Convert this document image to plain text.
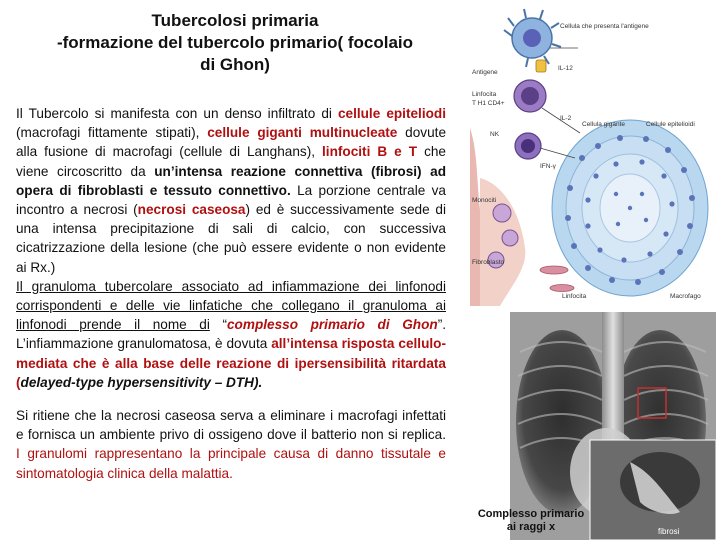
Tubercolosi primaria
-formazione del tubercolo primario( focolaio
di Ghon)

Il Tubercolo si manifesta con un denso infiltrato di cellule epiteliodi (macrofagi fittamente stipati), cellule giganti multinucleate dovute alla fusione di macrofagi (cellule di Langhans), linfociti B e T che viene circoscritto da un’intensa reazione connettiva (fibrosi) ad opera di fibroblasti e tessuto connettivo. La porzione centrale va incontro a necrosi (necrosi caseosa) ed è successivamente sede di una intensa precipitazione di sali di calcio, con successiva cicatrizzazione della lesione (che può essere evidente o non evidente ai Rx.)
Il granuloma tubercolare associato ad infiammazione dei linfonodi corrispondenti e delle vie linfatiche che collegano il granuloma ai linfonodi prende il nome di “complesso primario di Ghon”. L’infiammazione granulomatosa, è dovuta all’intensa risposta cellulo-mediata che è alla base delle reazione di ipersensibilità ritardata (delayed-type hypersensitivity – DTH).

Si ritiene che la necrosi caseosa serva a eliminare i macrofagi infettati e fornisca un ambiente privo di ossigeno dove il batterio non si replica. I granulomi rappresentano la principale causa di danno tissutale e sintomatologia clinica della malattia.

Cellula che presenta l'antigene
Antigene
IL-12
Linfocita
T H1 CD4+
NK
IL-2
Cellula gigante	Cellule epitelioidi
IFN-γ
Monociti
Fibroblasto
Linfocita	Macrofago
fibrosi
Complesso primario
ai raggi x
